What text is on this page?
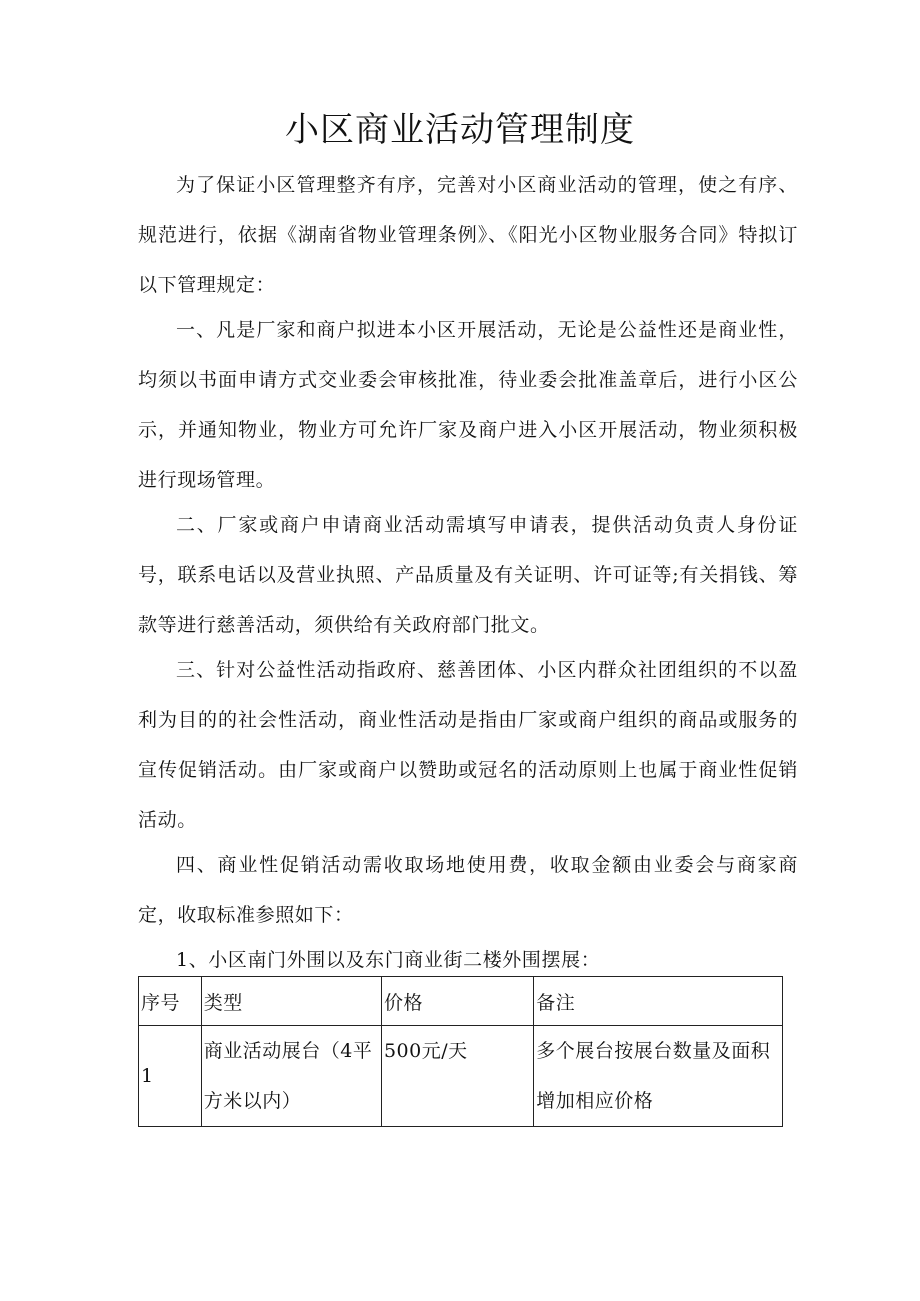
小区商业活动管理制度

为了保证小区管理整齐有序，完善对小区商业活动的管理，使之有序、规范进行，依据《湖南省物业管理条例》、《阳光小区物业服务合同》特拟订以下管理规定：

一、凡是厂家和商户拟进本小区开展活动，无论是公益性还是商业性，均须以书面申请方式交业委会审核批准，待业委会批准盖章后，进行小区公示，并通知物业，物业方可允许厂家及商户进入小区开展活动，物业须积极进行现场管理。

二、厂家或商户申请商业活动需填写申请表，提供活动负责人身份证号，联系电话以及营业执照、产品质量及有关证明、许可证等;有关捐钱、筹款等进行慈善活动，须供给有关政府部门批文。

三、针对公益性活动指政府、慈善团体、小区内群众社团组织的不以盈利为目的的社会性活动，商业性活动是指由厂家或商户组织的商品或服务的宣传促销活动。由厂家或商户以赞助或冠名的活动原则上也属于商业性促销活动。

四、商业性促销活动需收取场地使用费，收取金额由业委会与商家商定，收取标准参照如下：

1、小区南门外围以及东门商业街二楼外围摆展：

序号	类型	价格	备注
1	商业活动展台（4平方米以内）	500元/天	多个展台按展台数量及面积增加相应价格
